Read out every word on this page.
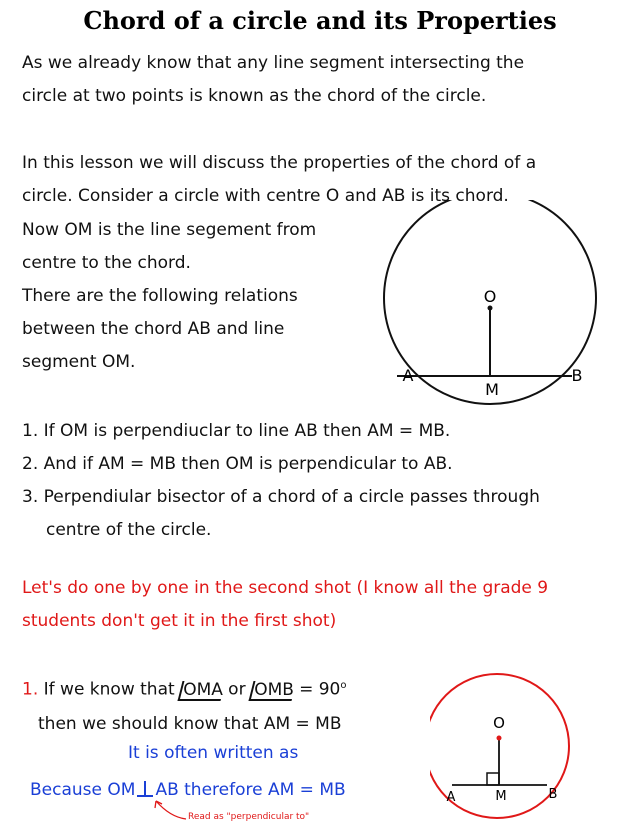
Chord of a circle and its Properties
As we already know that any line segment intersecting the
circle at two points is known as the chord of the circle.
In this lesson we will discuss the properties of the chord of a
circle. Consider a circle with centre O and AB is its chord.
Now OM is the line segement from
centre to the chord.
There are the following relations
between the chord AB and line
segment OM.
O
A	B
M
1. If OM is perpendiuclar to line AB then AM = MB.
2. And if AM = MB then OM is perpendicular to AB.
3. Perpendiular bisector of a chord of a circle passes through
centre of the circle.
Let's do one by one in the second shot (I know all the grade 9
students don't get it in the first shot)
1. If we know that OMA or OMB = $90^o$
then we should know that AM = MB
It is often written as
Because OM AB therefore AM = MB
Read as "perpendicular to"
O
A	B
M
